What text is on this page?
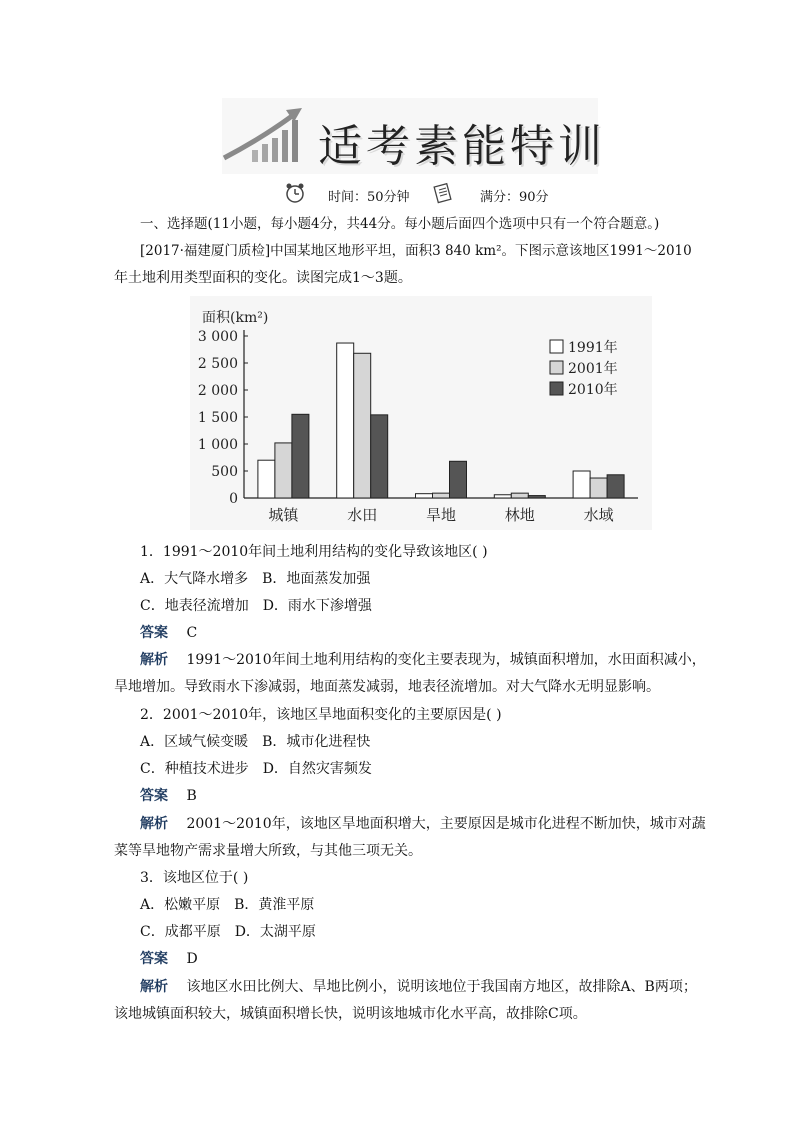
适考素能特训
时间：50分钟	满分：90分
一、选择题(11小题，每小题4分，共44分。每小题后面四个选项中只有一个符合题意。)
[2017·福建厦门质检]中国某地区地形平坦，面积3 840 km²。下图示意该地区1991～2010
年土地利用类型面积的变化。读图完成1～3题。
0
500
1 000
1 500
2 000
2 500
3 000
面积(km²)
城镇	水田	旱地	林地	水域
1991年
2001年
2010年
1．1991～2010年间土地利用结构的变化导致该地区( )
A．大气降水增多　B．地面蒸发加强
C．地表径流增加　D．雨水下渗增强
答案 C
解析 1991～2010年间土地利用结构的变化主要表现为，城镇面积增加，水田面积减小，
旱地增加。导致雨水下渗减弱，地面蒸发减弱，地表径流增加。对大气降水无明显影响。
2．2001～2010年，该地区旱地面积变化的主要原因是( )
A．区域气候变暖　B．城市化进程快
C．种植技术进步　D．自然灾害频发
答案 B
解析 2001～2010年，该地区旱地面积增大，主要原因是城市化进程不断加快，城市对蔬
菜等旱地物产需求量增大所致，与其他三项无关。
3．该地区位于( )
A．松嫩平原　B．黄淮平原
C．成都平原　D．太湖平原
答案 D
解析 该地区水田比例大、旱地比例小，说明该地位于我国南方地区，故排除A、B两项；
该地城镇面积较大，城镇面积增长快，说明该地城市化水平高，故排除C项。
